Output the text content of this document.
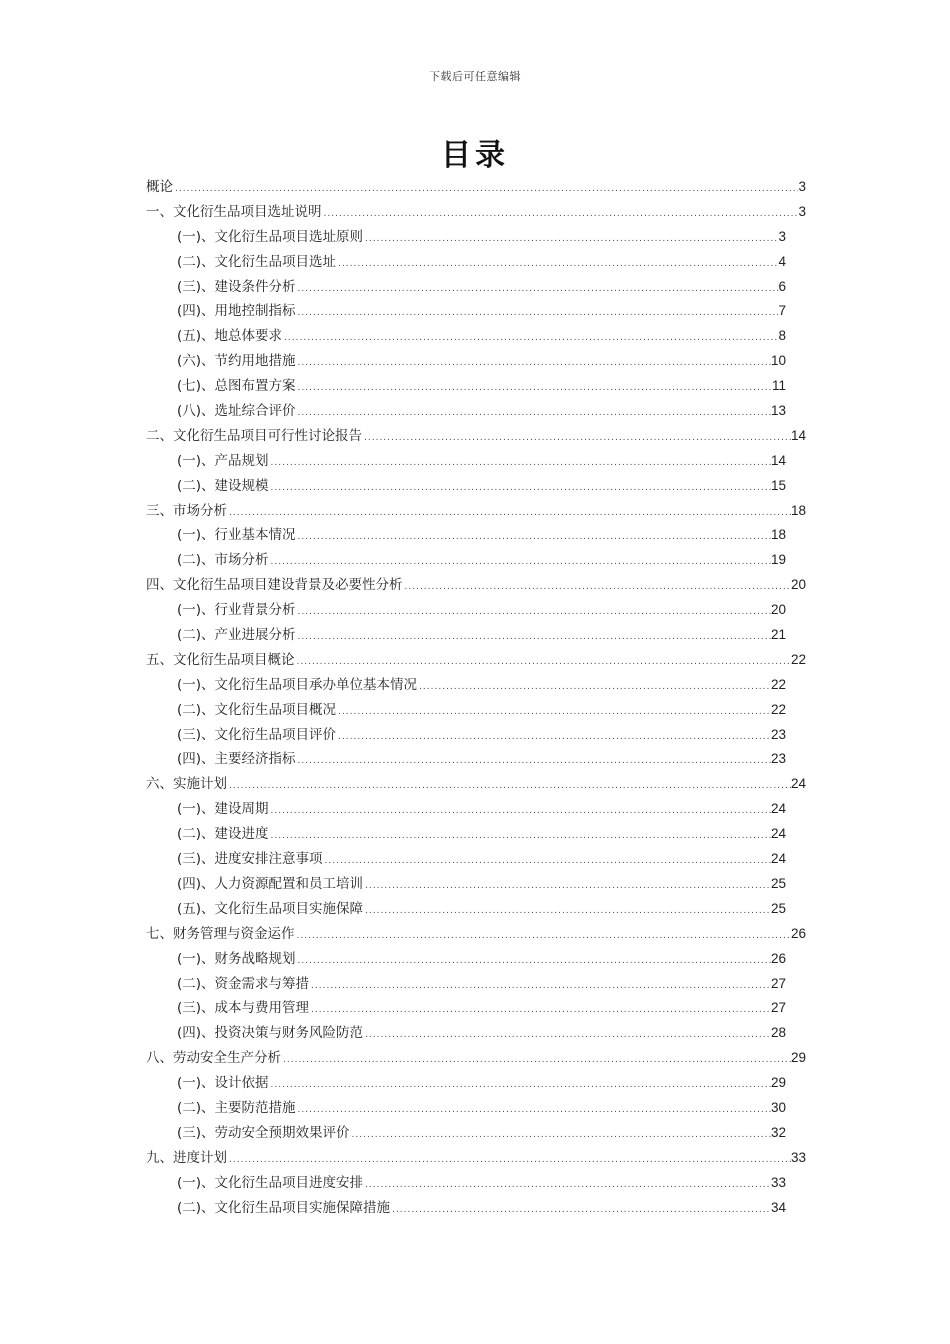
下载后可任意编辑
目录
概论 .....	3
一、文化衍生品项目选址说明 .....	3
(一)、文化衍生品项目选址原则 .....	3
(二)、文化衍生品项目选址 .....	4
(三)、建设条件分析 .....	6
(四)、用地控制指标 .....	7
(五)、地总体要求 .....	8
(六)、节约用地措施 .....	10
(七)、总图布置方案 .....	11
(八)、选址综合评价 .....	13
二、文化衍生品项目可行性讨论报告 .....	14
(一)、产品规划 .....	14
(二)、建设规模 .....	15
三、市场分析 .....	18
(一)、行业基本情况 .....	18
(二)、市场分析 .....	19
四、文化衍生品项目建设背景及必要性分析 .....	20
(一)、行业背景分析 .....	20
(二)、产业进展分析 .....	21
五、文化衍生品项目概论 .....	22
(一)、文化衍生品项目承办单位基本情况 .....	22
(二)、文化衍生品项目概况 .....	22
(三)、文化衍生品项目评价 .....	23
(四)、主要经济指标 .....	23
六、实施计划 .....	24
(一)、建设周期 .....	24
(二)、建设进度 .....	24
(三)、进度安排注意事项 .....	24
(四)、人力资源配置和员工培训 .....	25
(五)、文化衍生品项目实施保障 .....	25
七、财务管理与资金运作 .....	26
(一)、财务战略规划 .....	26
(二)、资金需求与筹措 .....	27
(三)、成本与费用管理 .....	27
(四)、投资决策与财务风险防范 .....	28
八、劳动安全生产分析 .....	29
(一)、设计依据 .....	29
(二)、主要防范措施 .....	30
(三)、劳动安全预期效果评价 .....	32
九、进度计划 .....	33
(一)、文化衍生品项目进度安排 .....	33
(二)、文化衍生品项目实施保障措施 .....	34
